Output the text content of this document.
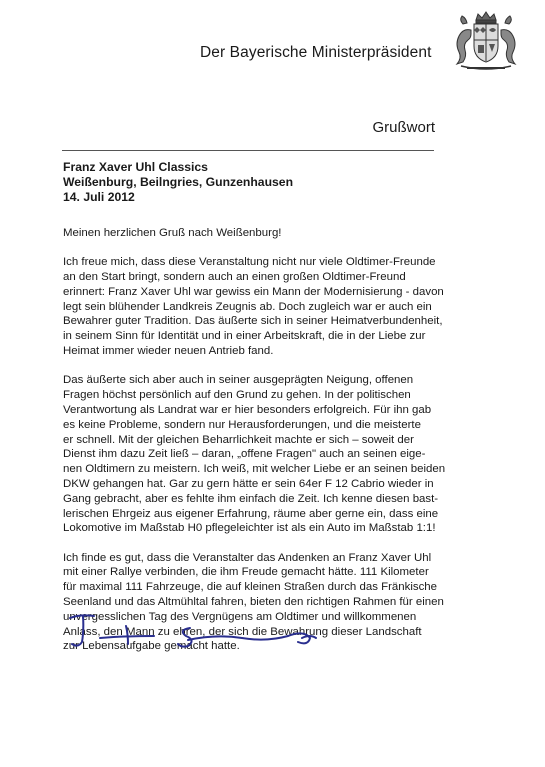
Der Bayerische Ministerpräsident
Grußwort
Franz Xaver Uhl Classics
Weißenburg, Beilngries, Gunzenhausen
14. Juli 2012
Meinen herzlichen Gruß nach Weißenburg!
Ich freue mich, dass diese Veranstaltung nicht nur viele Oldtimer-Freunde
an den Start bringt, sondern auch an einen großen Oldtimer-Freund
erinnert: Franz Xaver Uhl war gewiss ein Mann der Modernisierung - davon
legt sein blühender Landkreis Zeugnis ab. Doch zugleich war er auch ein
Bewahrer guter Tradition. Das äußerte sich in seiner Heimatverbundenheit,
in seinem Sinn für Identität und in einer Arbeitskraft, die in der Liebe zur
Heimat immer wieder neuen Antrieb fand.
Das äußerte sich aber auch in seiner ausgeprägten Neigung, offenen
Fragen höchst persönlich auf den Grund zu gehen. In der politischen
Verantwortung als Landrat war er hier besonders erfolgreich. Für ihn gab
es keine Probleme, sondern nur Herausforderungen, und die meisterte
er schnell. Mit der gleichen Beharrlichkeit machte er sich – soweit der
Dienst ihm dazu Zeit ließ – daran, „offene Fragen" auch an seinen eige-
nen Oldtimern zu meistern. Ich weiß, mit welcher Liebe er an seinen beiden
DKW gehangen hat. Gar zu gern hätte er sein 64er F 12 Cabrio wieder in
Gang gebracht, aber es fehlte ihm einfach die Zeit. Ich kenne diesen bast-
lerischen Ehrgeiz aus eigener Erfahrung, räume aber gerne ein, dass eine
Lokomotive im Maßstab H0 pflegeleichter ist als ein Auto im Maßstab 1:1!
Ich finde es gut, dass die Veranstalter das Andenken an Franz Xaver Uhl
mit einer Rallye verbinden, die ihm Freude gemacht hätte. 111 Kilometer
für maximal 111 Fahrzeuge, die auf kleinen Straßen durch das Fränkische
Seenland und das Altmühltal fahren, bieten den richtigen Rahmen für einen
unvergesslichen Tag des Vergnügens am Oldtimer und willkommenen
Anlass, den Mann zu ehren, der sich die Bewahrung dieser Landschaft
zur Lebensaufgabe gemacht hatte.
